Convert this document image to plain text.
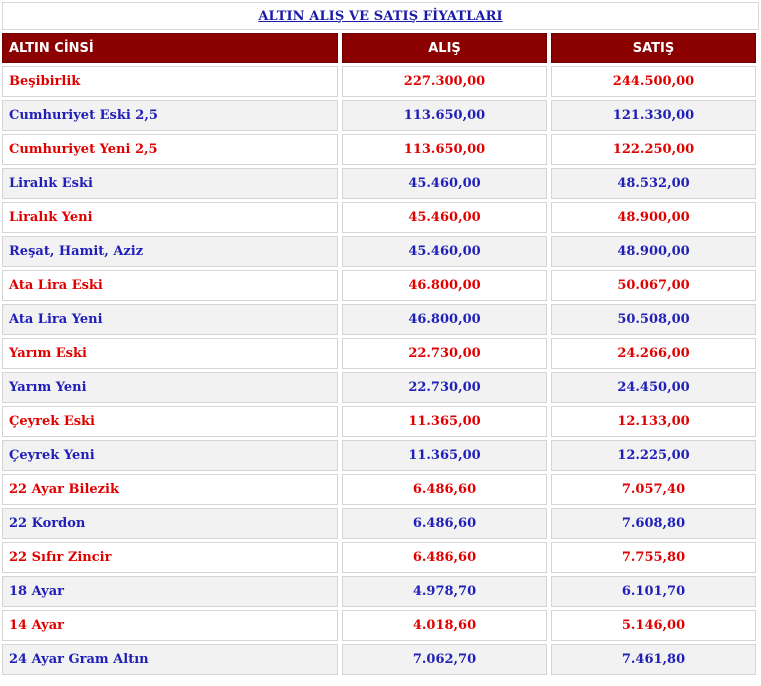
ALTIN ALIŞ VE SATIŞ FİYATLARI
ALTIN CİNSİ	ALIŞ	SATIŞ
Beşibirlik	227.300,00	244.500,00
Cumhuriyet Eski 2,5	113.650,00	121.330,00
Cumhuriyet Yeni 2,5	113.650,00	122.250,00
Liralık Eski	45.460,00	48.532,00
Liralık Yeni	45.460,00	48.900,00
Reşat, Hamit, Aziz	45.460,00	48.900,00
Ata Lira Eski	46.800,00	50.067,00
Ata Lira Yeni	46.800,00	50.508,00
Yarım Eski	22.730,00	24.266,00
Yarım Yeni	22.730,00	24.450,00
Çeyrek Eski	11.365,00	12.133,00
Çeyrek Yeni	11.365,00	12.225,00
22 Ayar Bilezik	6.486,60	7.057,40
22 Kordon	6.486,60	7.608,80
22 Sıfır Zincir	6.486,60	7.755,80
18 Ayar	4.978,70	6.101,70
14 Ayar	4.018,60	5.146,00
24 Ayar Gram Altın	7.062,70	7.461,80
